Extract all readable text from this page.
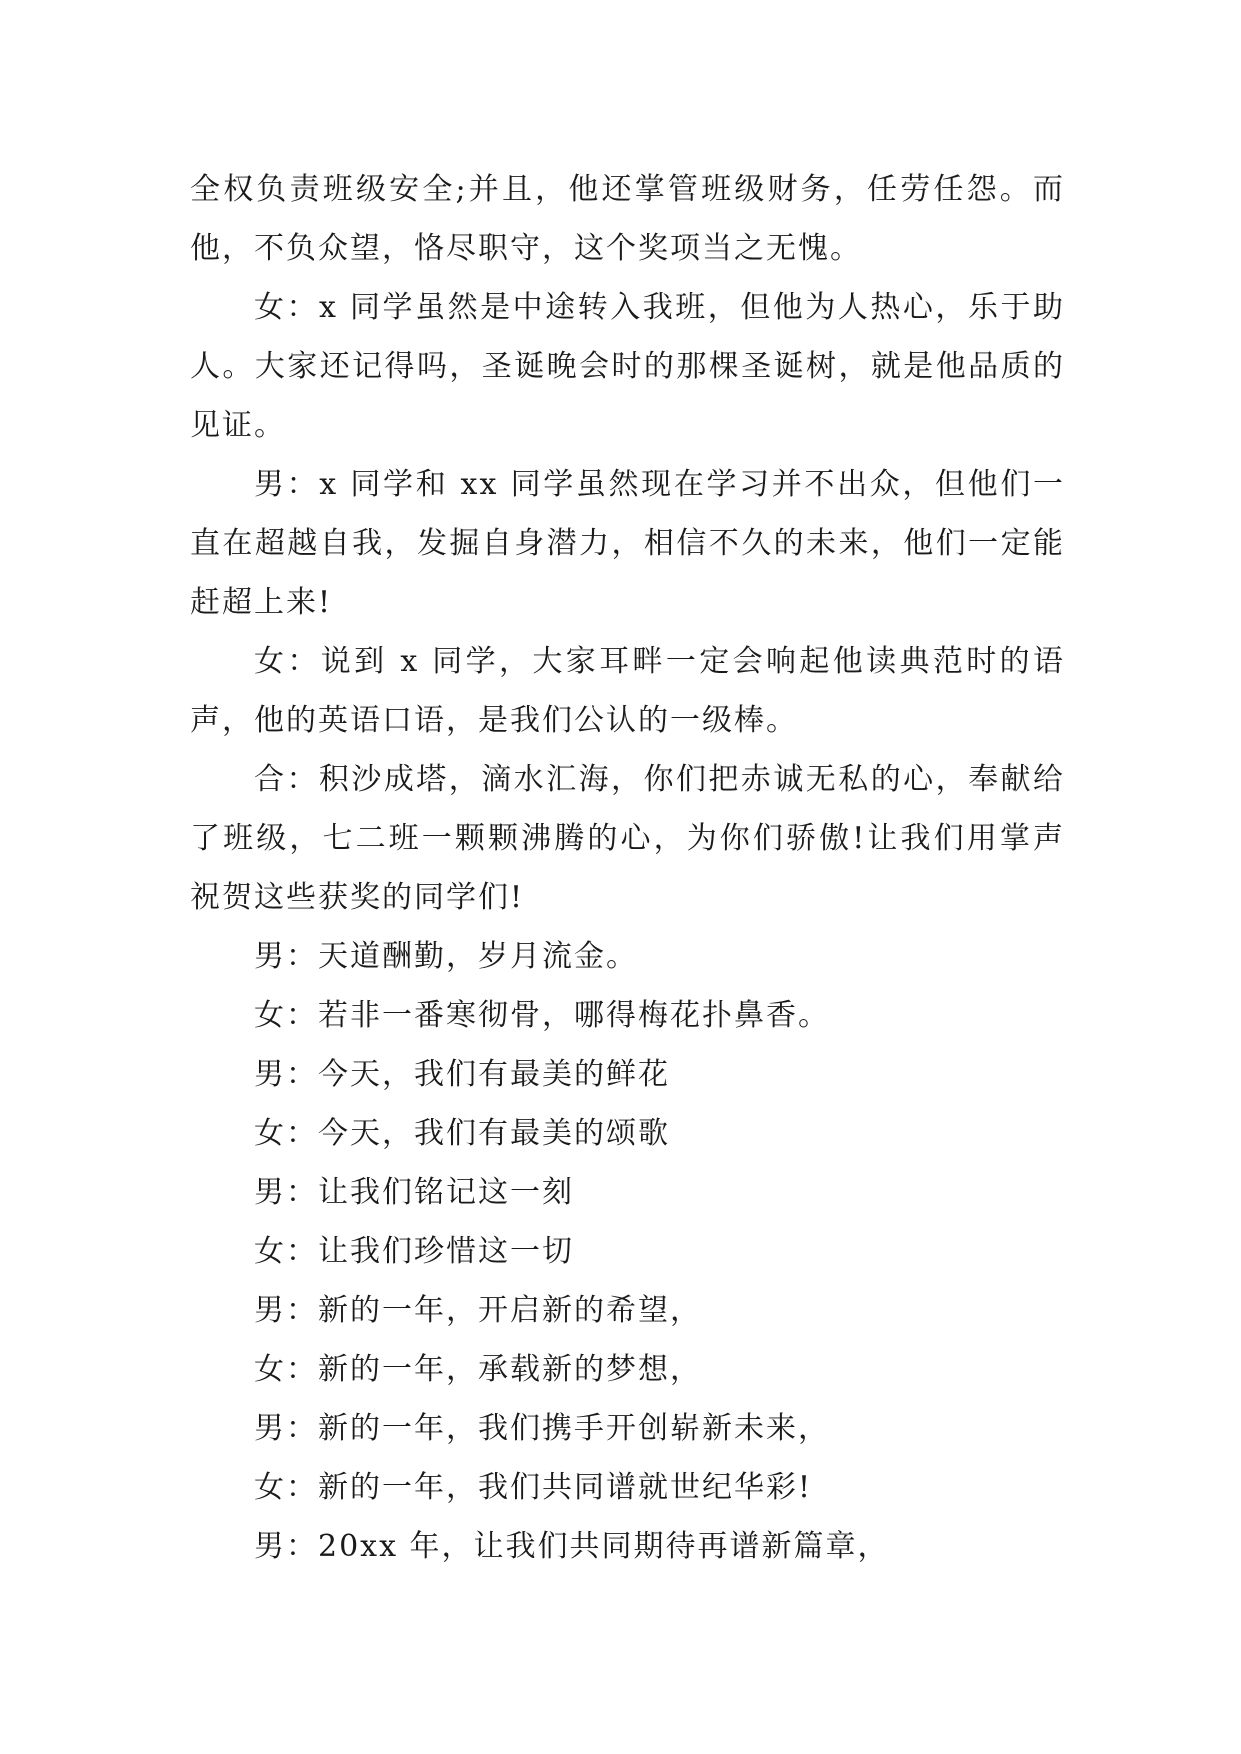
全权负责班级安全;并且，他还掌管班级财务，任劳任怨。而他，不负众望，恪尽职守，这个奖项当之无愧。

女：x 同学虽然是中途转入我班，但他为人热心，乐于助人。大家还记得吗，圣诞晚会时的那棵圣诞树，就是他品质的见证。

男：x 同学和 xx 同学虽然现在学习并不出众，但他们一直在超越自我，发掘自身潜力，相信不久的未来，他们一定能赶超上来!

女：说到 x 同学，大家耳畔一定会响起他读典范时的语声，他的英语口语，是我们公认的一级棒。

合：积沙成塔，滴水汇海，你们把赤诚无私的心，奉献给了班级，七二班一颗颗沸腾的心，为你们骄傲!让我们用掌声祝贺这些获奖的同学们!

男：天道酬勤，岁月流金。

女：若非一番寒彻骨，哪得梅花扑鼻香。

男：今天，我们有最美的鲜花

女：今天，我们有最美的颂歌

男：让我们铭记这一刻

女：让我们珍惜这一切

男：新的一年，开启新的希望，

女：新的一年，承载新的梦想，

男：新的一年，我们携手开创崭新未来，

女：新的一年，我们共同谱就世纪华彩!

男：20xx 年，让我们共同期待再谱新篇章，
